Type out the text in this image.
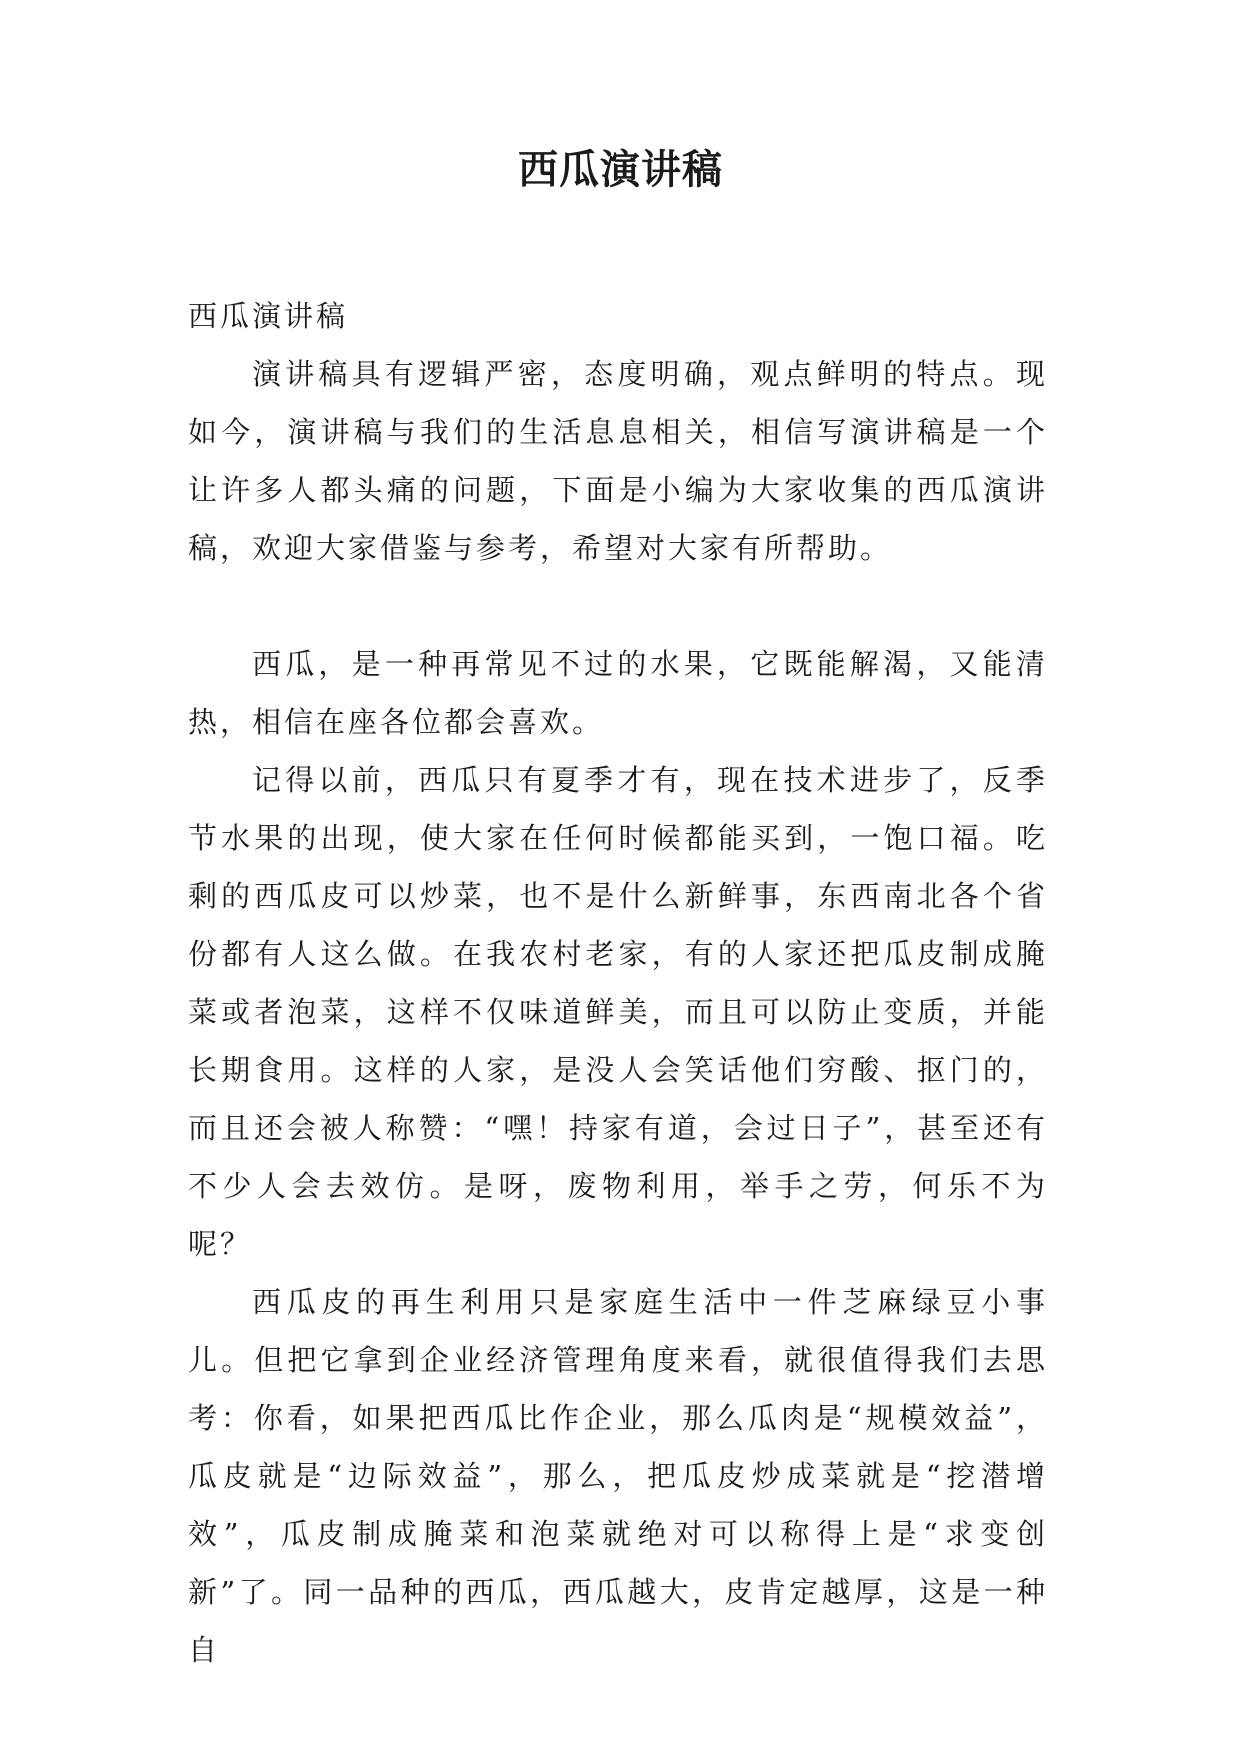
西瓜演讲稿

西瓜演讲稿

演讲稿具有逻辑严密，态度明确，观点鲜明的特点。现如今，演讲稿与我们的生活息息相关，相信写演讲稿是一个让许多人都头痛的问题，下面是小编为大家收集的西瓜演讲稿，欢迎大家借鉴与参考，希望对大家有所帮助。

西瓜，是一种再常见不过的水果，它既能解渴，又能清热，相信在座各位都会喜欢。

记得以前，西瓜只有夏季才有，现在技术进步了，反季节水果的出现，使大家在任何时候都能买到，一饱口福。吃剩的西瓜皮可以炒菜，也不是什么新鲜事，东西南北各个省份都有人这么做。在我农村老家，有的人家还把瓜皮制成腌菜或者泡菜，这样不仅味道鲜美，而且可以防止变质，并能长期食用。这样的人家，是没人会笑话他们穷酸、抠门的，而且还会被人称赞：“嘿！持家有道，会过日子”，甚至还有不少人会去效仿。是呀，废物利用，举手之劳，何乐不为呢？

西瓜皮的再生利用只是家庭生活中一件芝麻绿豆小事儿。但把它拿到企业经济管理角度来看，就很值得我们去思考：你看，如果把西瓜比作企业，那么瓜肉是“规模效益”，瓜皮就是“边际效益”，那么，把瓜皮炒成菜就是“挖潜增效”，瓜皮制成腌菜和泡菜就绝对可以称得上是“求变创新”了。同一品种的西瓜，西瓜越大，皮肯定越厚，这是一种自
